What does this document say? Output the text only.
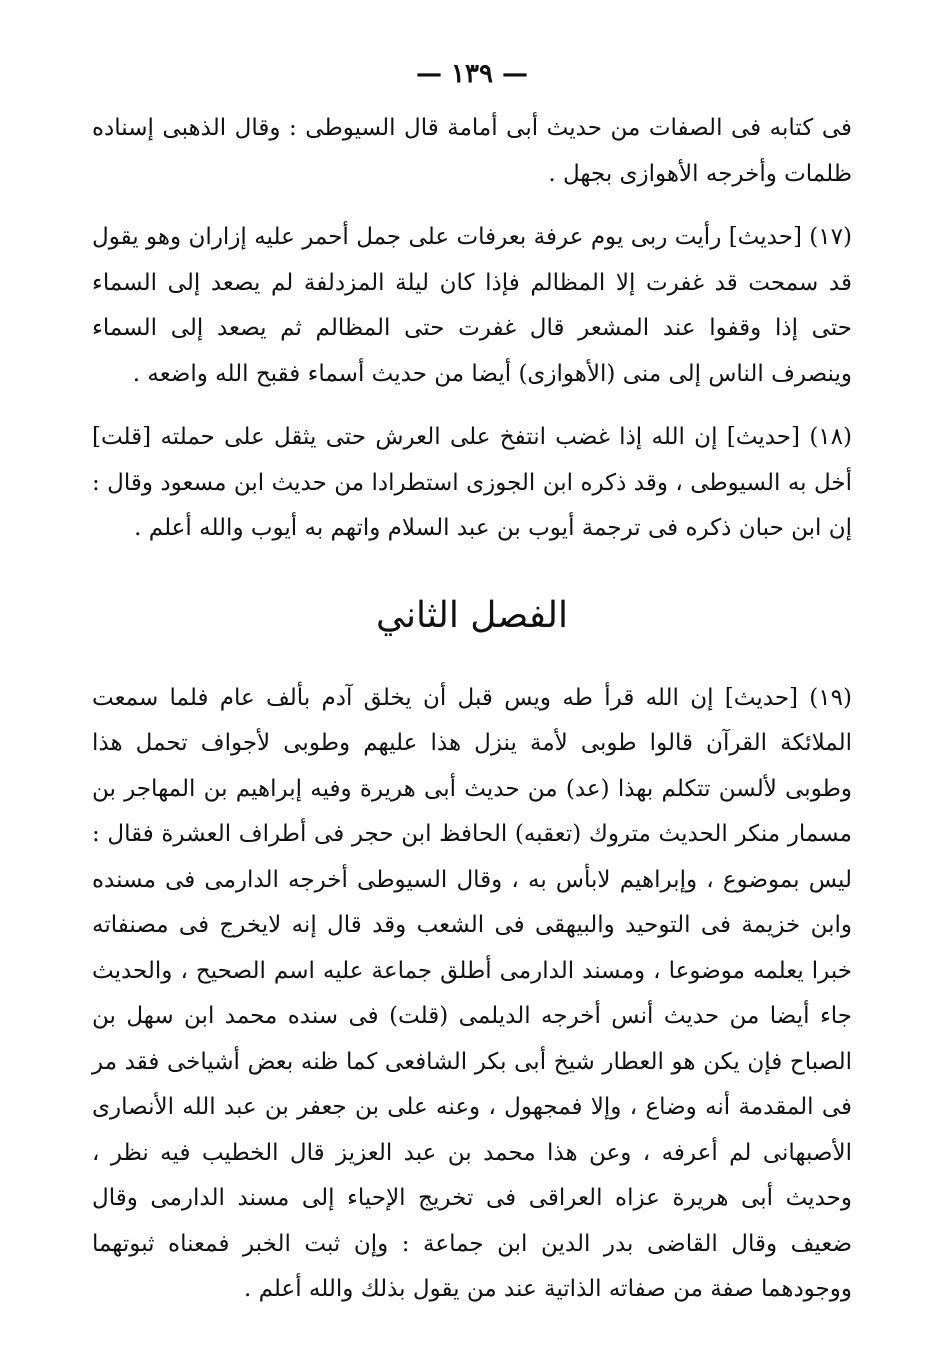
— ١٣٩ —

فى كتابه فى الصفات من حديث أبى أمامة قال السيوطى : وقال الذهبى إسناده ظلمات وأخرجه الأهوازى بجهل .

(١٧) [حديث] رأيت ربى يوم عرفة بعرفات على جمل أحمر عليه إزاران وهو يقول قد سمحت قد غفرت إلا المظالم فإذا كان ليلة المزدلفة لم يصعد إلى السماء حتى إذا وقفوا عند المشعر قال غفرت حتى المظالم ثم يصعد إلى السماء وينصرف الناس إلى منى (الأهوازى) أيضا من حديث أسماء فقبح الله واضعه .

(١٨) [حديث] إن الله إذا غضب انتفخ على العرش حتى يثقل على حملته [قلت] أخل به السيوطى ، وقد ذكره ابن الجوزى استطرادا من حديث ابن مسعود وقال : إن ابن حبان ذكره فى ترجمة أيوب بن عبد السلام واتهم به أيوب والله أعلم .

الفصل الثاني

(١٩) [حديث] إن الله قرأ طه ويس قبل أن يخلق آدم بألف عام فلما سمعت الملائكة القرآن قالوا طوبى لأمة ينزل هذا عليهم وطوبى لأجواف تحمل هذا وطوبى لألسن تتكلم بهذا (عد) من حديث أبى هريرة وفيه إبراهيم بن المهاجر بن مسمار منكر الحديث متروك (تعقبه) الحافظ ابن حجر فى أطراف العشرة فقال : ليس بموضوع ، وإبراهيم لابأس به ، وقال السيوطى أخرجه الدارمى فى مسنده وابن خزيمة فى التوحيد والبيهقى فى الشعب وقد قال إنه لايخرج فى مصنفاته خبرا يعلمه موضوعا ، ومسند الدارمى أطلق جماعة عليه اسم الصحيح ، والحديث جاء أيضا من حديث أنس أخرجه الديلمى (قلت) فى سنده محمد ابن سهل بن الصباح فإن يكن هو العطار شيخ أبى بكر الشافعى كما ظنه بعض أشياخى فقد مر فى المقدمة أنه وضاع ، وإلا فمجهول ، وعنه على بن جعفر بن عبد الله الأنصارى الأصبهانى لم أعرفه ، وعن هذا محمد بن عبد العزيز قال الخطيب فيه نظر ، وحديث أبى هريرة عزاه العراقى فى تخريج الإحياء إلى مسند الدارمى وقال ضعيف وقال القاضى بدر الدين ابن جماعة : وإن ثبت الخبر فمعناه ثبوتهما ووجودهما صفة من صفاته الذاتية عند من يقول بذلك والله أعلم .
